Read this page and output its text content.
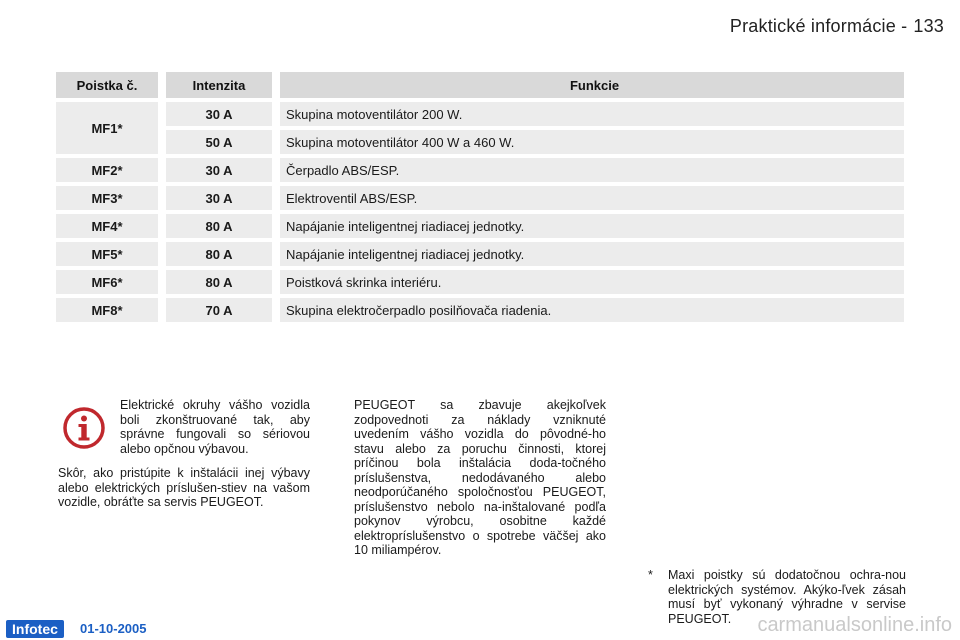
Praktické informácie - 133
Poistka č.		Intenzita		Funkcie
MF1*		30 A		Skupina motoventilátor 200 W.
		50 A		Skupina motoventilátor 400 W a 460 W.
MF2*		30 A		Čerpadlo ABS/ESP.
MF3*		30 A		Elektroventil ABS/ESP.
MF4*		80 A		Napájanie inteligentnej riadiacej jednotky.
MF5*		80 A		Napájanie inteligentnej riadiacej jednotky.
MF6*		80 A		Poistková skrinka interiéru.
MF8*		70 A		Skupina elektročerpadlo posilňovača riadenia.
Elektrické okruhy vášho vozidla boli zkonštruované tak, aby správne fungovali so sériovou alebo opčnou výbavou.
Skôr, ako pristúpite k inštalácii inej výbavy alebo elektrických príslušen-stiev na vašom vozidle, obráťte sa servis PEUGEOT.
PEUGEOT sa zbavuje akejkoľvek zodpovednoti za náklady vzniknuté uvedením vášho vozidla do pôvodné-ho stavu alebo za poruchu činnosti, ktorej príčinou bola inštalácia doda-točného príslušenstva, nedodávaného alebo neodporúčaného spoločnosťou PEUGEOT, príslušenstvo nebolo na-inštalované podľa pokynov výrobcu, osobitne každé elektropríslušenstvo o spotrebe väčšej ako 10 miliampérov.
* Maxi poistky sú dodatočnou ochra-nou elektrických systémov. Akýko-ľvek zásah musí byť vykonaný výhradne v servise PEUGEOT.
Infotec	01-10-2005	carmanualsonline.info
